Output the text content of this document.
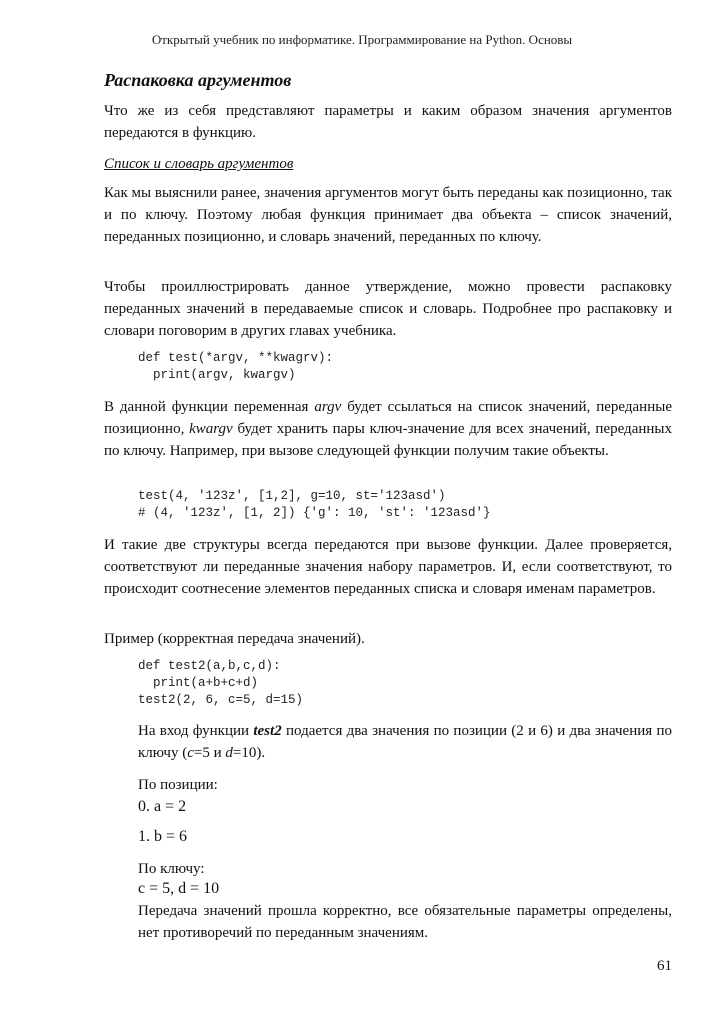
Открытый учебник по информатике. Программирование на Python. Основы
Распаковка аргументов

Что же из себя представляют параметры и каким образом значения аргументов передаются в функцию.

Список и словарь аргументов

Как мы выяснили ранее, значения аргументов могут быть переданы как позиционно, так и по ключу. Поэтому любая функция принимает два объекта – список значений, переданных позиционно, и словарь значений, переданных по ключу.

Чтобы проиллюстрировать данное утверждение, можно провести распаковку переданных значений в передаваемые список и словарь. Подробнее про распаковку и словари поговорим в других главах учебника.

def test(*argv, **kwagrv):
print(argv, kwargv)

В данной функции переменная argv будет ссылаться на список значений, переданные позиционно, kwargv будет хранить пары ключ-значение для всех значений, переданных по ключу. Например, при вызове следующей функции получим такие объекты.

test(4, '123z', [1,2], g=10, st='123asd')
# (4, '123z', [1, 2]) {'g': 10, 'st': '123asd'}

И такие две структуры всегда передаются при вызове функции. Далее проверяется, соответствуют ли переданные значения набору параметров. И, если соответствуют, то происходит соотнесение элементов переданных списка и словаря именам параметров.

Пример (корректная передача значений).

def test2(a,b,c,d):
print(a+b+c+d)
test2(2, 6, c=5, d=15)

На вход функции test2 подается два значения по позиции (2 и 6) и два значения по ключу (c=5 и d=10).

По позиции:
0. a = 2
1. b = 6
По ключу:
c = 5, d = 10

Передача значений прошла корректно, все обязательные параметры определены, нет противоречий по переданным значениям.

61
